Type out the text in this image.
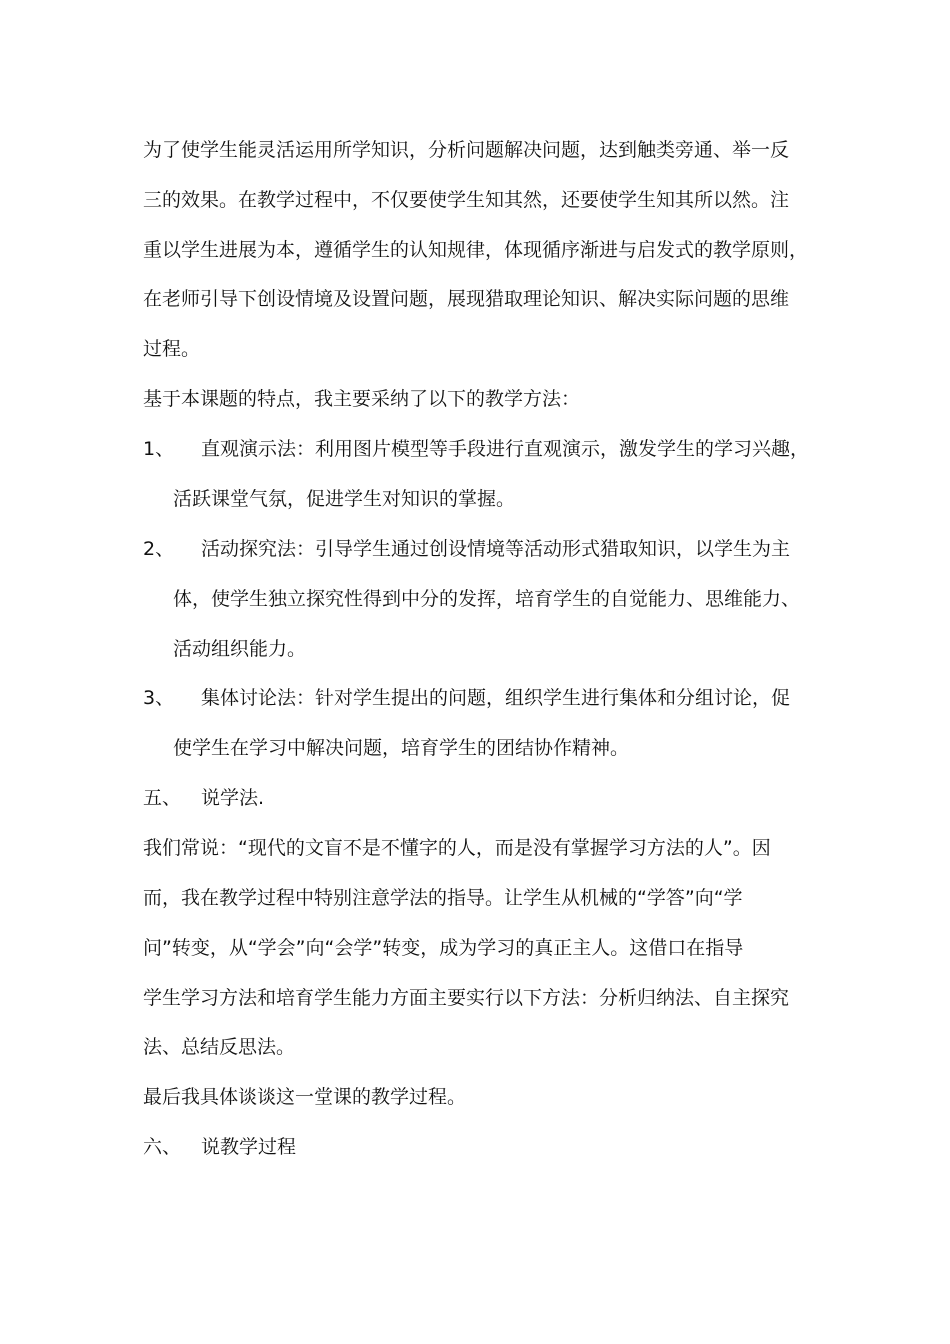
为了使学生能灵活运用所学知识，分析问题解决问题，达到触类旁通、举一反
三的效果。在教学过程中，不仅要使学生知其然，还要使学生知其所以然。注
重以学生进展为本，遵循学生的认知规律，体现循序渐进与启发式的教学原则，
在老师引导下创设情境及设置问题，展现猎取理论知识、解决实际问题的思维
过程。
基于本课题的特点，我主要采纳了以下的教学方法：
1、 直观演示法：利用图片模型等手段进行直观演示，激发学生的学习兴趣，
活跃课堂气氛，促进学生对知识的掌握。
2、 活动探究法：引导学生通过创设情境等活动形式猎取知识，以学生为主
体，使学生独立探究性得到中分的发挥，培育学生的自觉能力、思维能力、
活动组织能力。
3、 集体讨论法：针对学生提出的问题，组织学生进行集体和分组讨论，促
使学生在学习中解决问题，培育学生的团结协作精神。
五、 说学法.
我们常说：“现代的文盲不是不懂字的人，而是没有掌握学习方法的人”。因
而，我在教学过程中特别注意学法的指导。让学生从机械的“学答”向“学
问”转变，从“学会”向“会学”转变，成为学习的真正主人。这借口在指导
学生学习方法和培育学生能力方面主要实行以下方法：分析归纳法、自主探究
法、总结反思法。
最后我具体谈谈这一堂课的教学过程。
六、 说教学过程
